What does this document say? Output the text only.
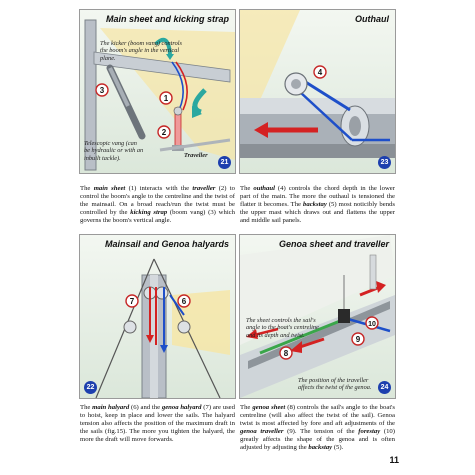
Main sheet and kicking strap
The kicker (boom vang) controls the boom's angle in the vertical plane.
Telescopic vang (can be hydraulic or with an inbuilt tackle).	Traveller
1
2
3
21
Outhaul
4
23
The main sheet (1) interacts with the traveller (2) to control the boom's angle to the centreline and the twist of the mainsail. On a broad reach/run the twist must be controlled by the kicking strap (boom vang) (3) which governs the boom's vertical angle.
The outhaul (4) controls the chord depth in the lower part of the main. The more the outhaul is tensioned the flatter it becomes. The backstay (5) most noticibly bends the upper mast which draws out and flattens the upper and middle sail panels.
Mainsail and Genoa halyards
7	6
22
Genoa sheet and traveller
The sheet controls the sail's angle to the boat's centreline and its depth and twist.
The position of the traveller affects the twist of the genoa.
8
9
10
24
The main halyard (6) and the genoa halyard (7) are used to hoist, keep in place and lower the sails. The halyard tension also affects the position of the maximum draft in the sails (fig.15). The more you tighten the halyard, the more the draft will move forwards.
The genoa sheet (8) controls the sail's angle to the boat's centreline (will also affect the twist of the sail). Genoa twist is most affected by fore and aft adjustments of the genoa traveller (9). The tension of the forestay (10) greatly affects the shape of the genoa and is often adjusted by adjusting the backstay (5).
11
